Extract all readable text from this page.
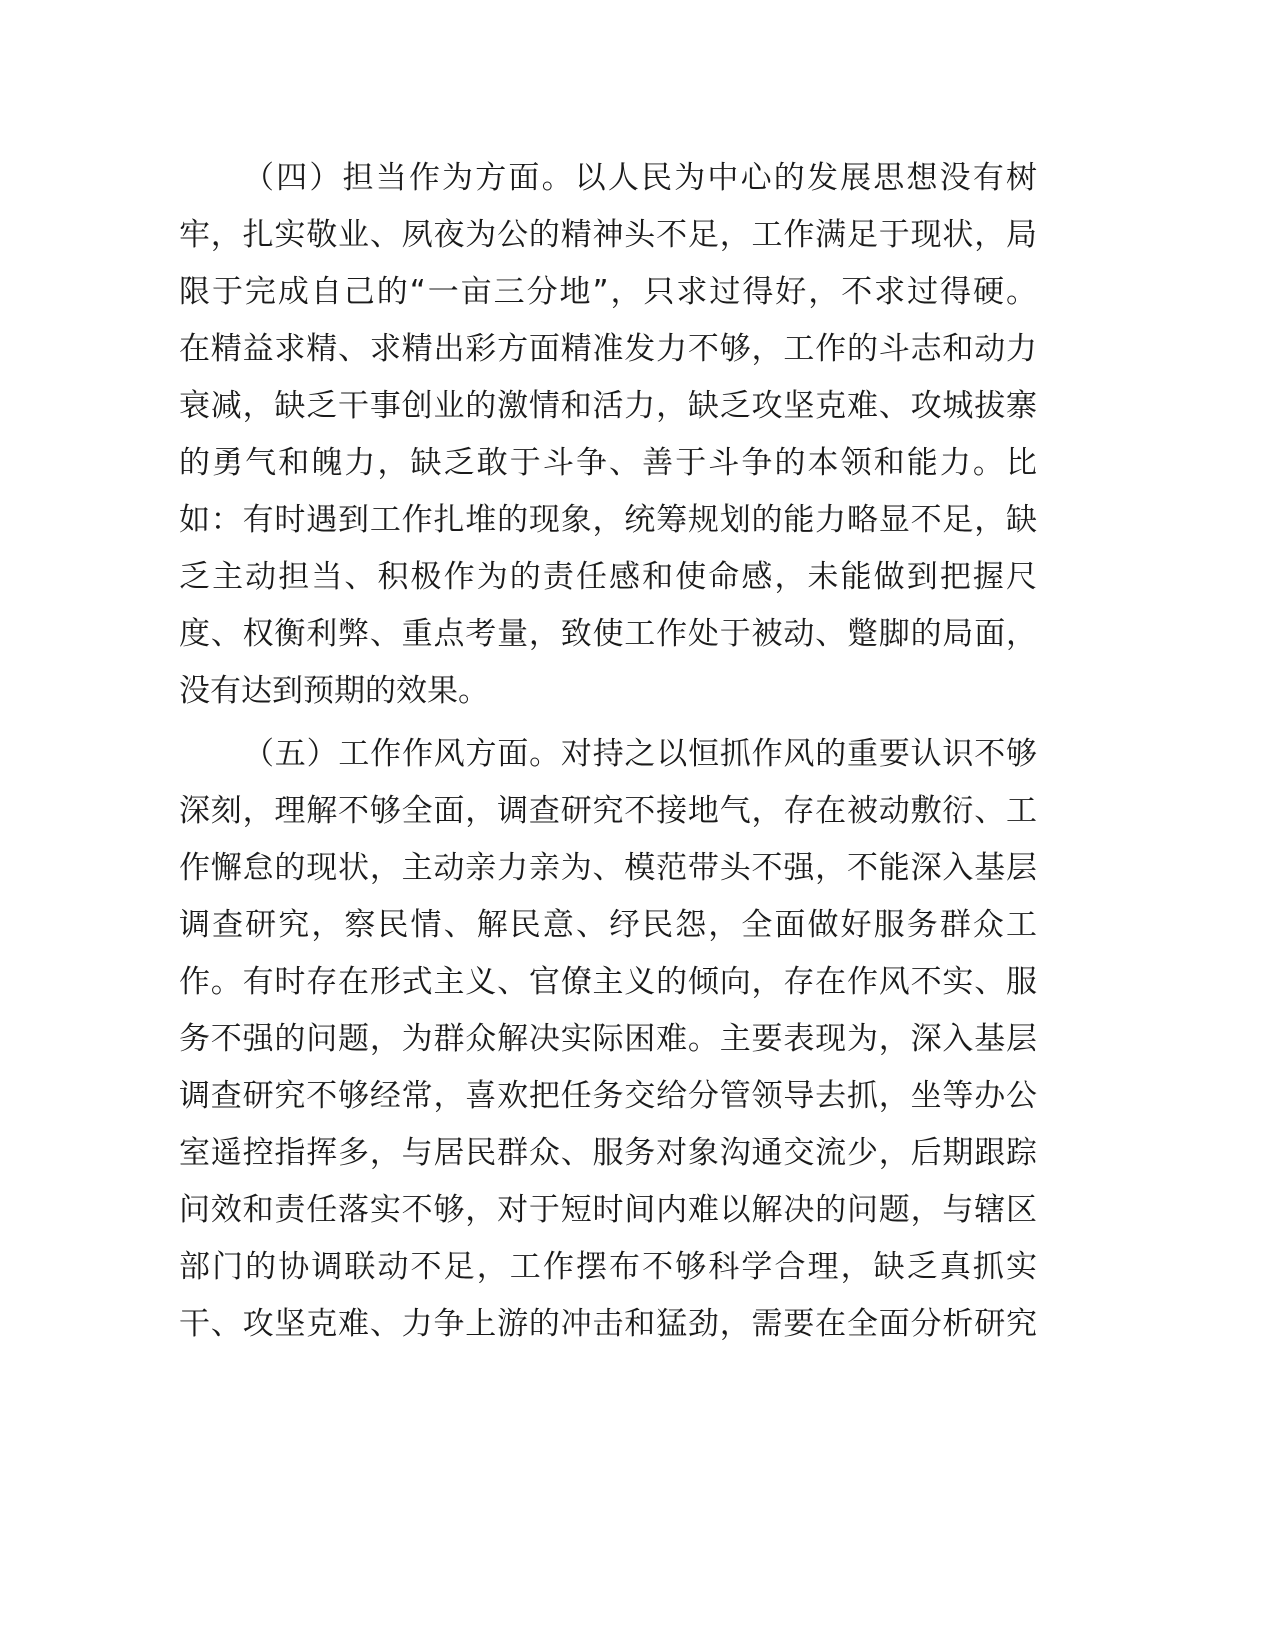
（四）担当作为方面。以人民为中心的发展思想没有树
牢，扎实敬业、夙夜为公的精神头不足，工作满足于现状，局
限于完成自己的“一亩三分地”，只求过得好，不求过得硬。
在精益求精、求精出彩方面精准发力不够，工作的斗志和动力
衰减，缺乏干事创业的激情和活力，缺乏攻坚克难、攻城拔寨
的勇气和魄力，缺乏敢于斗争、善于斗争的本领和能力。比
如：有时遇到工作扎堆的现象，统筹规划的能力略显不足，缺
乏主动担当、积极作为的责任感和使命感，未能做到把握尺
度、权衡利弊、重点考量，致使工作处于被动、蹩脚的局面，
没有达到预期的效果。
（五）工作作风方面。对持之以恒抓作风的重要认识不够
深刻，理解不够全面，调查研究不接地气，存在被动敷衍、工
作懈怠的现状，主动亲力亲为、模范带头不强，不能深入基层
调查研究，察民情、解民意、纾民怨，全面做好服务群众工
作。有时存在形式主义、官僚主义的倾向，存在作风不实、服
务不强的问题，为群众解决实际困难。主要表现为，深入基层
调查研究不够经常，喜欢把任务交给分管领导去抓，坐等办公
室遥控指挥多，与居民群众、服务对象沟通交流少，后期跟踪
问效和责任落实不够，对于短时间内难以解决的问题，与辖区
部门的协调联动不足，工作摆布不够科学合理，缺乏真抓实
干、攻坚克难、力争上游的冲击和猛劲，需要在全面分析研究
